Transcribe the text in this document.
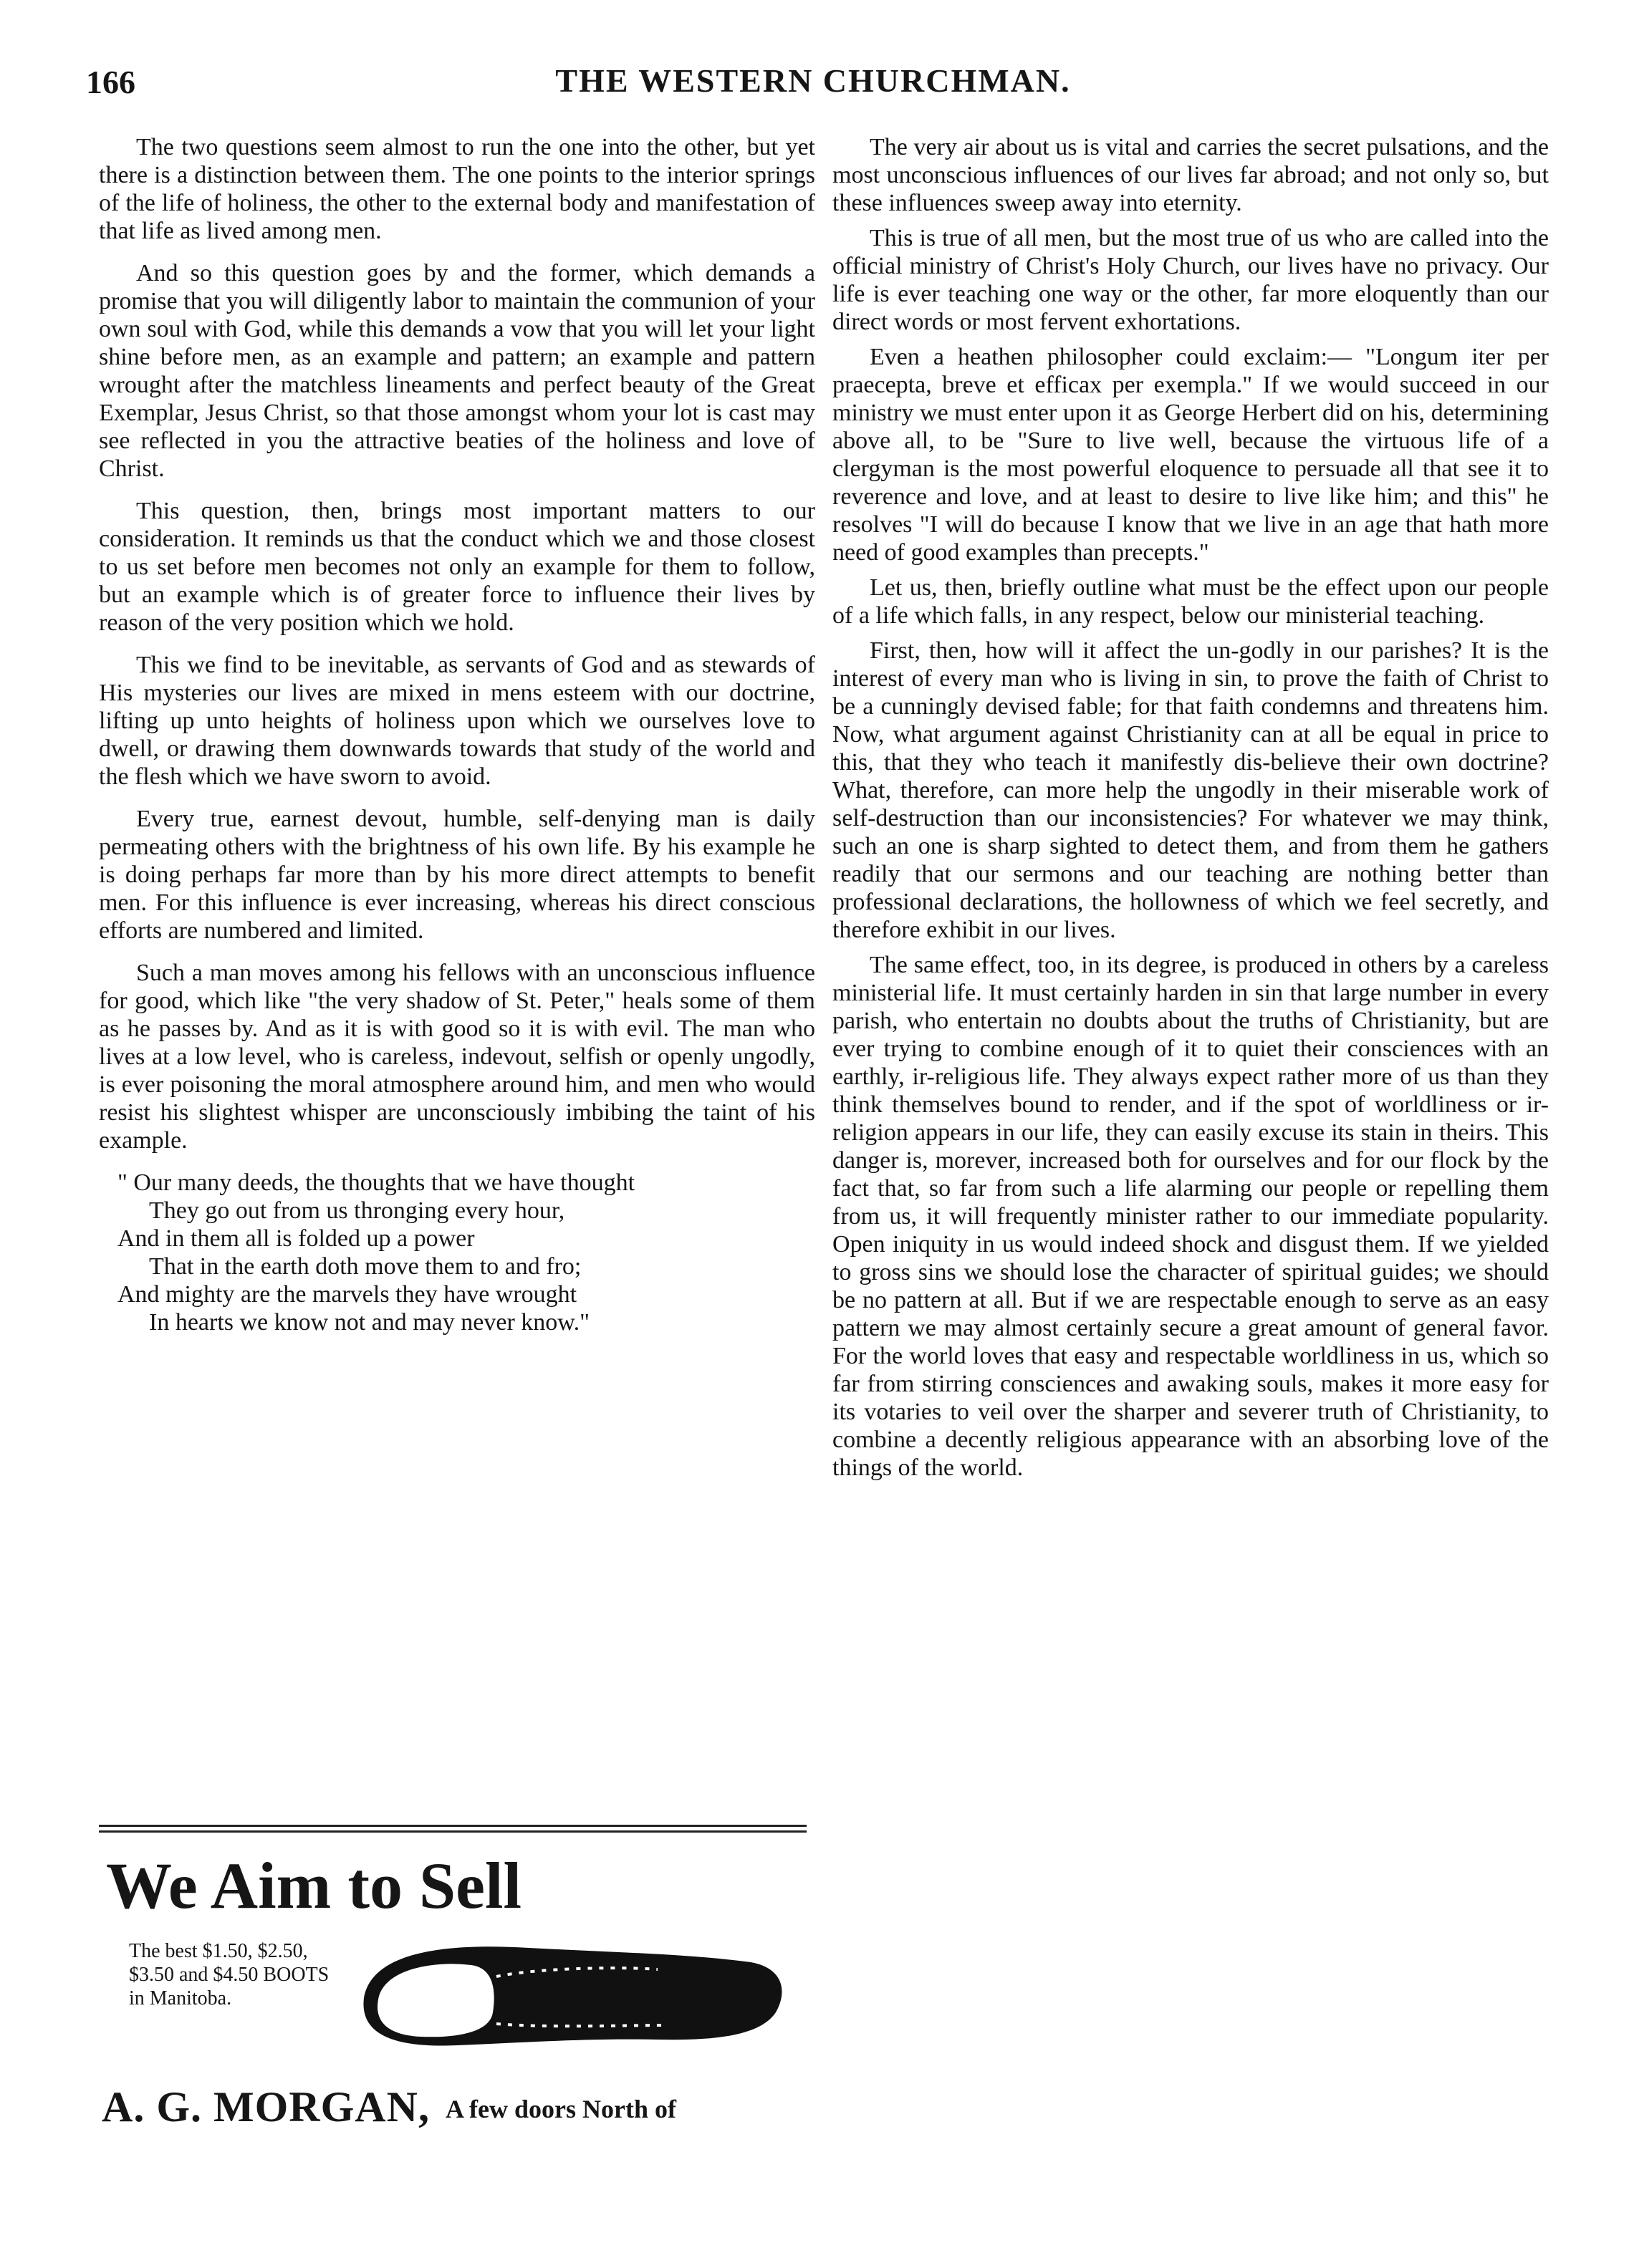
166	THE WESTERN CHURCHMAN.

The two questions seem almost to run the one into the other, but yet there is a distinction between them. The one points to the interior springs of the life of holiness, the other to the external body and manifestation of that life as lived among men.

And so this question goes by and the former, which demands a promise that you will diligently labor to maintain the communion of your own soul with God, while this demands a vow that you will let your light shine before men, as an example and pattern; an example and pattern wrought after the matchless lineaments and perfect beauty of the Great Exemplar, Jesus Christ, so that those amongst whom your lot is cast may see reflected in you the attractive beaties of the holiness and love of Christ.

This question, then, brings most important matters to our consideration. It reminds us that the conduct which we and those closest to us set before men becomes not only an example for them to follow, but an example which is of greater force to influence their lives by reason of the very position which we hold.

This we find to be inevitable, as servants of God and as stewards of His mysteries our lives are mixed in mens esteem with our doctrine, lifting up unto heights of holiness upon which we ourselves love to dwell, or drawing them downwards towards that study of the world and the flesh which we have sworn to avoid.

Every true, earnest devout, humble, self-denying man is daily permeating others with the brightness of his own life. By his example he is doing perhaps far more than by his more direct attempts to benefit men. For this influence is ever increasing, whereas his direct conscious efforts are numbered and limited.

Such a man moves among his fellows with an unconscious influence for good, which like "the very shadow of St. Peter," heals some of them as he passes by. And as it is with good so it is with evil. The man who lives at a low level, who is careless, indevout, selfish or openly ungodly, is ever poisoning the moral atmosphere around him, and men who would resist his slightest whisper are unconsciously imbibing the taint of his example.

" Our many deeds, the thoughts that we have thought
They go out from us thronging every hour,
And in them all is folded up a power
That in the earth doth move them to and fro;
And mighty are the marvels they have wrought
In hearts we know not and may never know."

The very air about us is vital and carries the secret pulsations, and the most unconscious influences of our lives far abroad; and not only so, but these influences sweep away into eternity.

This is true of all men, but the most true of us who are called into the official ministry of Christ's Holy Church, our lives have no privacy. Our life is ever teaching one way or the other, far more eloquently than our direct words or most fervent exhortations.

Even a heathen philosopher could exclaim:— "Longum iter per praecepta, breve et efficax per exempla." If we would succeed in our ministry we must enter upon it as George Herbert did on his, determining above all, to be "Sure to live well, because the virtuous life of a clergyman is the most powerful eloquence to persuade all that see it to reverence and love, and at least to desire to live like him; and this" he resolves "I will do because I know that we live in an age that hath more need of good examples than precepts."

Let us, then, briefly outline what must be the effect upon our people of a life which falls, in any respect, below our ministerial teaching.

First, then, how will it affect the un-godly in our parishes? It is the interest of every man who is living in sin, to prove the faith of Christ to be a cunningly devised fable; for that faith condemns and threatens him. Now, what argument against Christianity can at all be equal in price to this, that they who teach it manifestly dis-believe their own doctrine? What, therefore, can more help the ungodly in their miserable work of self-destruction than our inconsistencies? For whatever we may think, such an one is sharp sighted to detect them, and from them he gathers readily that our sermons and our teaching are nothing better than professional declarations, the hollowness of which we feel secretly, and therefore exhibit in our lives.

The same effect, too, in its degree, is produced in others by a careless ministerial life. It must certainly harden in sin that large number in every parish, who entertain no doubts about the truths of Christianity, but are ever trying to combine enough of it to quiet their consciences with an earthly, ir-religious life. They always expect rather more of us than they think themselves bound to render, and if the spot of worldliness or ir-religion appears in our life, they can easily excuse its stain in theirs. This danger is, morever, increased both for ourselves and for our flock by the fact that, so far from such a life alarming our people or repelling them from us, it will frequently minister rather to our immediate popularity. Open iniquity in us would indeed shock and disgust them. If we yielded to gross sins we should lose the character of spiritual guides; we should be no pattern at all. But if we are respectable enough to serve as an easy pattern we may almost certainly secure a great amount of general favor. For the world loves that easy and respectable worldliness in us, which so far from stirring consciences and awaking souls, makes it more easy for its votaries to veil over the sharper and severer truth of Christianity, to combine a decently religious appearance with an absorbing love of the things of the world.

We Aim to Sell
The best $1.50, $2.50, $3.50 and $4.50 BOOTS in Manitoba.
A. G. MORGAN, A few doors North of
